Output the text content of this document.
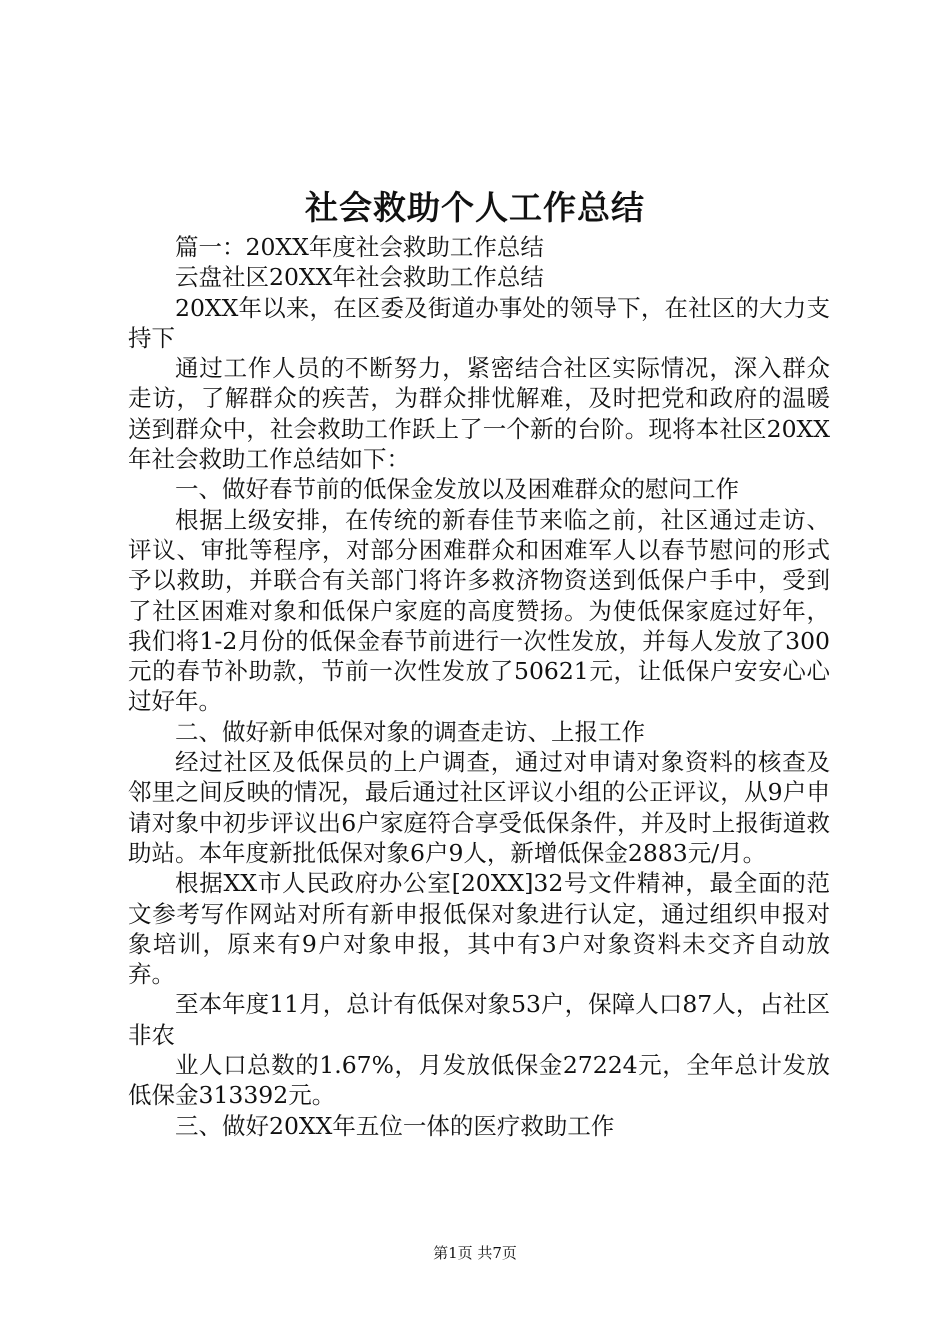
社会救助个人工作总结

篇一：20XX年度社会救助工作总结

云盘社区20XX年社会救助工作总结

20XX年以来，在区委及街道办事处的领导下，在社区的大力支持下

通过工作人员的不断努力，紧密结合社区实际情况，深入群众走访，了解群众的疾苦，为群众排忧解难，及时把党和政府的温暖送到群众中，社会救助工作跃上了一个新的台阶。现将本社区20XX年社会救助工作总结如下：

一、做好春节前的低保金发放以及困难群众的慰问工作

根据上级安排，在传统的新春佳节来临之前，社区通过走访、评议、审批等程序，对部分困难群众和困难军人以春节慰问的形式予以救助，并联合有关部门将许多救济物资送到低保户手中，受到了社区困难对象和低保户家庭的高度赞扬。为使低保家庭过好年，我们将1-2月份的低保金春节前进行一次性发放，并每人发放了300元的春节补助款，节前一次性发放了50621元，让低保户安安心心过好年。

二、做好新申低保对象的调查走访、上报工作

经过社区及低保员的上户调查，通过对申请对象资料的核查及邻里之间反映的情况，最后通过社区评议小组的公正评议，从9户申请对象中初步评议出6户家庭符合享受低保条件，并及时上报街道救助站。本年度新批低保对象6户9人，新增低保金2883元/月。

根据XX市人民政府办公室[20XX]32号文件精神，最全面的范文参考写作网站对所有新申报低保对象进行认定，通过组织申报对象培训，原来有9户对象申报，其中有3户对象资料未交齐自动放弃。

至本年度11月，总计有低保对象53户，保障人口87人，占社区非农

业人口总数的1.67%，月发放低保金27224元，全年总计发放低保金313392元。

三、做好20XX年五位一体的医疗救助工作

第1页 共7页
